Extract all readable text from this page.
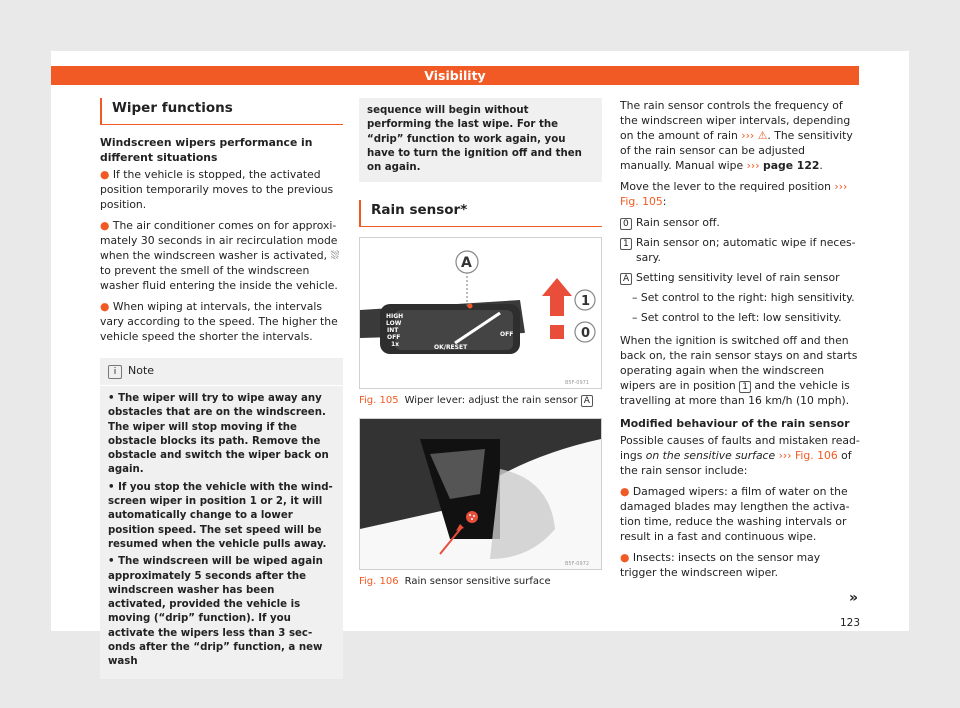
Visibility
Wiper functions
Windscreen wipers performance in different situations
● If the vehicle is stopped, the activated position temporarily moves to the previous position.
● The air conditioner comes on for approximately 30 seconds in air recirculation mode when the windscreen washer is activated, ⛆ to prevent the smell of the windscreen washer fluid entering the inside the vehicle.
● When wiping at intervals, the intervals vary according to the speed. The higher the vehicle speed the shorter the intervals.
i Note
• The wiper will try to wipe away any obstacles that are on the windscreen. The wiper will stop moving if the obstacle blocks its path. Remove the obstacle and switch the wiper back on again.
• If you stop the vehicle with the windscreen wiper in position 1 or 2, it will automatically change to a lower position speed. The set speed will be resumed when the vehicle pulls away.
• The windscreen will be wiped again approximately 5 seconds after the windscreen washer has been activated, provided the vehicle is moving (“drip” function). If you activate the wipers less than 3 seconds after the “drip” function, a new wash
sequence will begin without performing the last wipe. For the “drip” function to work again, you have to turn the ignition off and then on again.
Rain sensor*
HIGH
LOW
INT
OFF
1x	OK/RESET
OFF
T
R
I
P
A
1
0
B5F-0971
Fig. 105 Wiper lever: adjust the rain sensor A
B5F-0972
Fig. 106 Rain sensor sensitive surface

The rain sensor controls the frequency of the windscreen wiper intervals, depending on the amount of rain ››› ⚠. The sensitivity of the rain sensor can be adjusted manually. Manual wipe ››› page 122.

Move the lever to the required position ››› Fig. 105:

0 Rain sensor off.
1 Rain sensor on; automatic wipe if necessary.
A Setting sensitivity level of rain sensor
– Set control to the right: high sensitivity.
– Set control to the left: low sensitivity.

When the ignition is switched off and then back on, the rain sensor stays on and starts operating again when the windscreen wipers are in position 1 and the vehicle is travelling at more than 16 km/h (10 mph).

Modified behaviour of the rain sensor

Possible causes of faults and mistaken readings on the sensitive surface ››› Fig. 106 of the rain sensor include:

● Damaged wipers: a film of water on the damaged blades may lengthen the activation time, reduce the washing intervals or result in a fast and continuous wipe.
● Insects: insects on the sensor may trigger the windscreen wiper.
»
123
